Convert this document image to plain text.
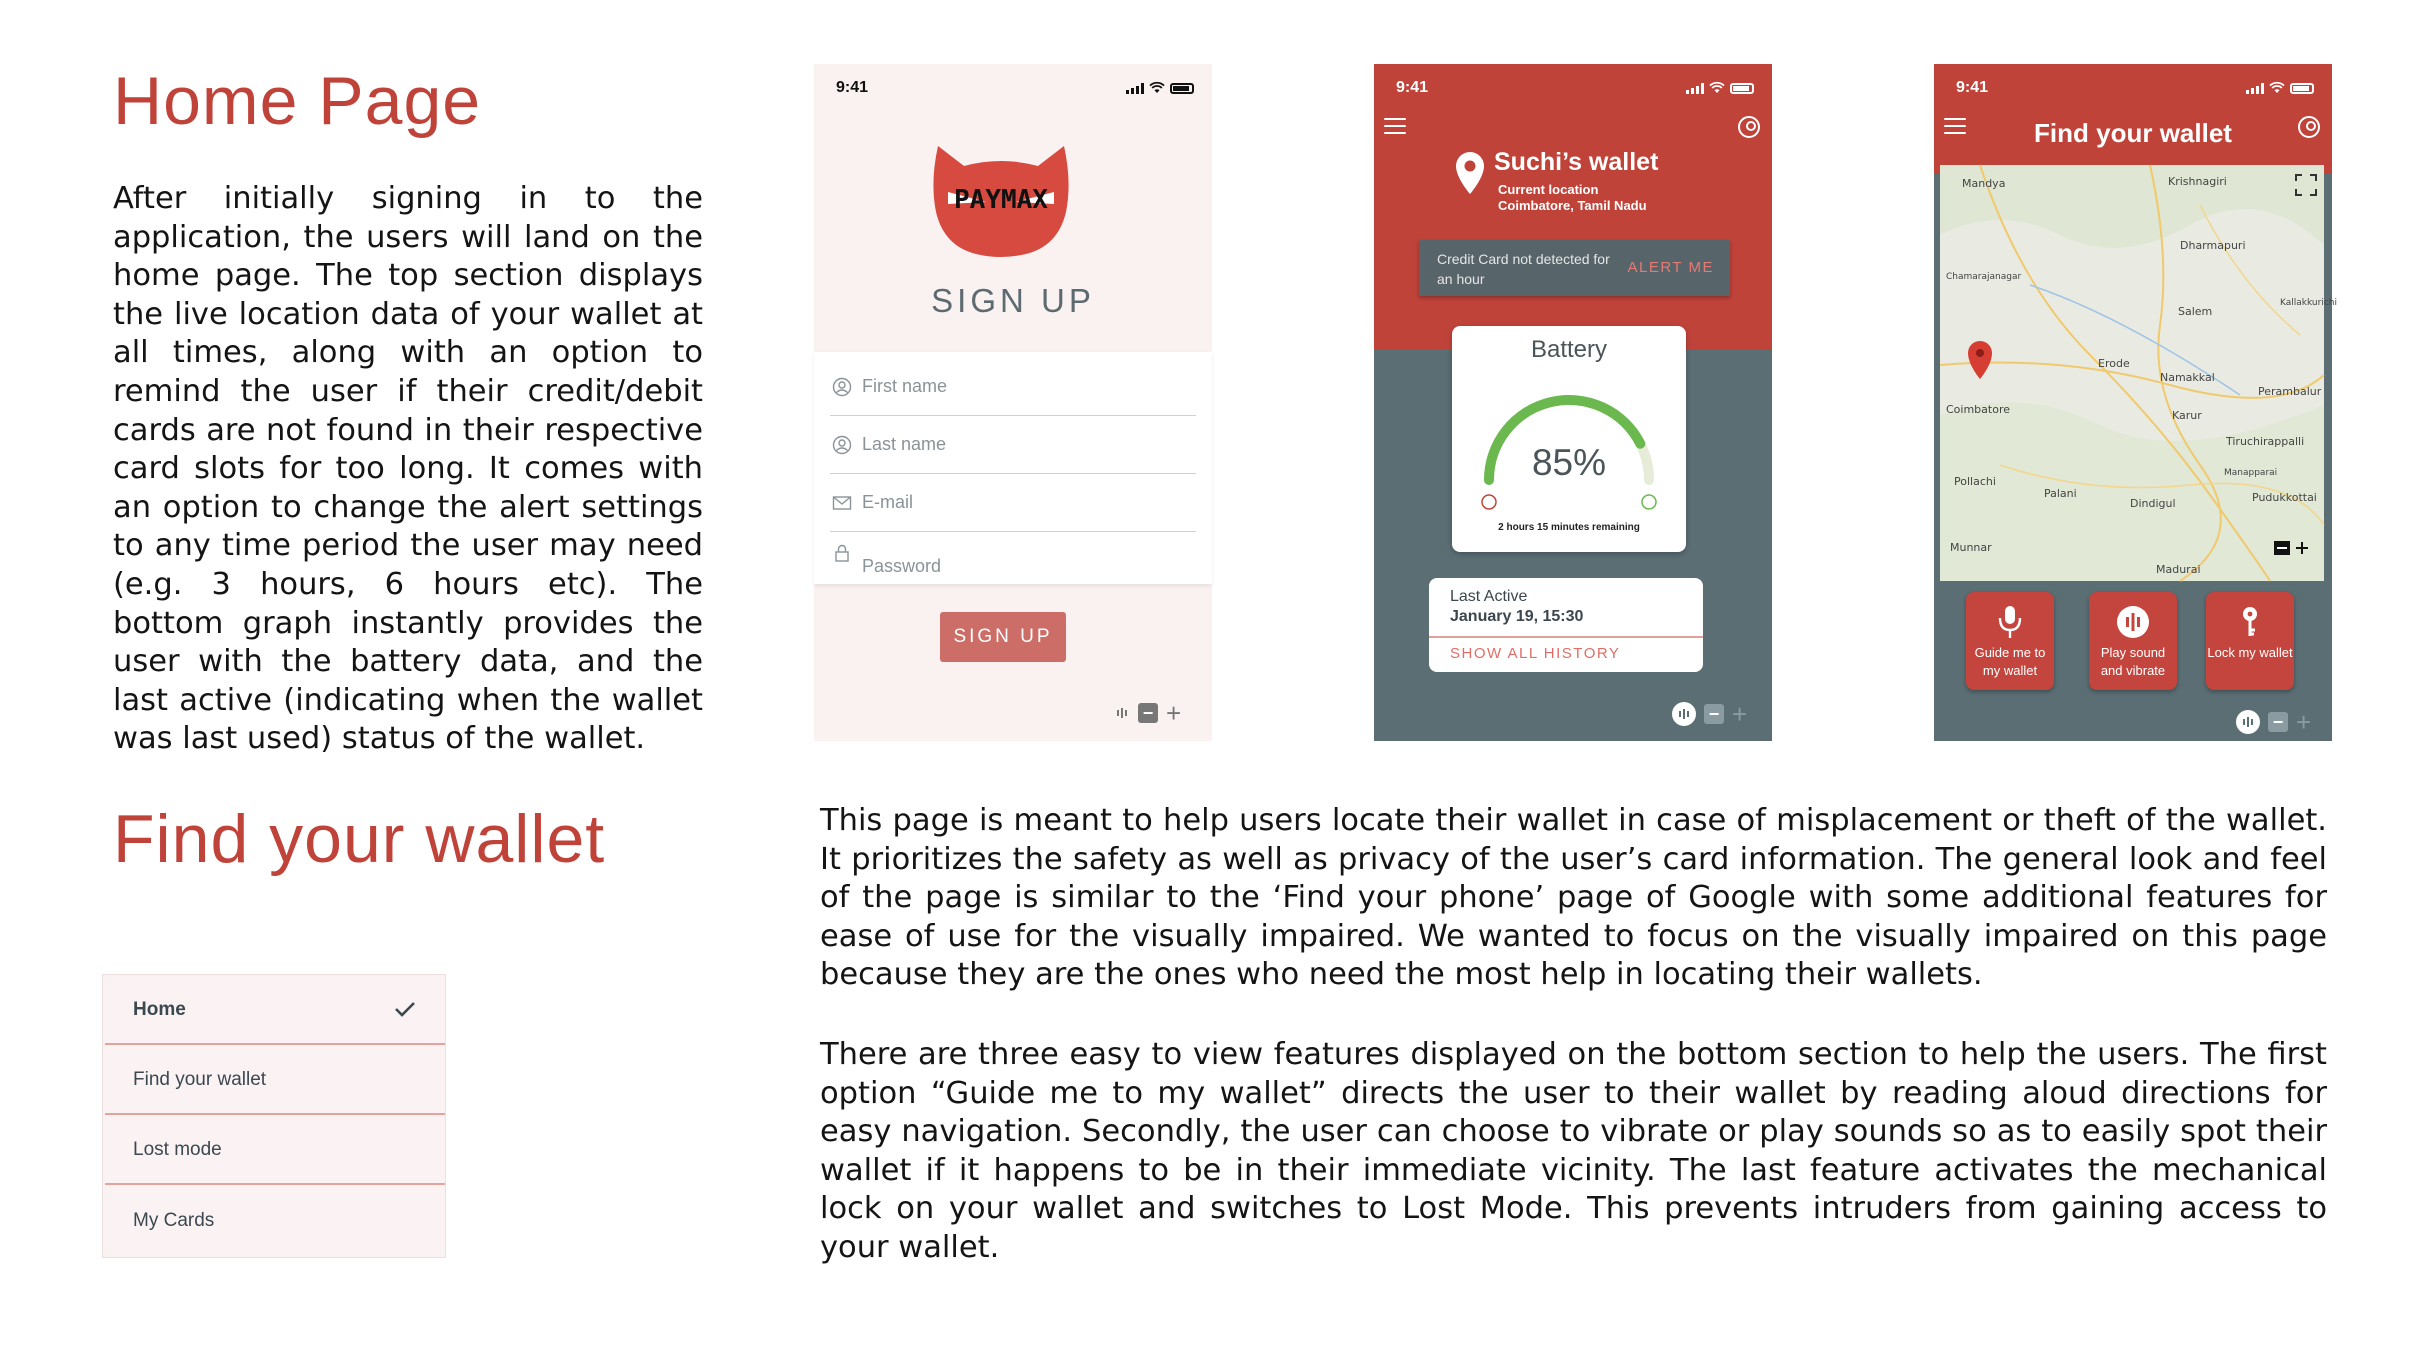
Home Page

After initially signing in to the application, the users will land on the home page. The top section displays the live location data of your wallet at all times, along with an option to remind the user if their credit/debit cards are not found in their respective card slots for too long. It comes with an option to change the alert settings to any time period the user may need (e.g. 3 hours, 6 hours etc). The bottom graph instantly provides the user with the battery data, and the last active (indicating when the wallet was last used) status of the wallet.

Find your wallet	This page is meant to help users locate their wallet in case of misplacement or theft of the wallet. It prioritizes the safety as well as privacy of the user’s card information. The general look and feel of the page is similar to the ‘Find your phone’ page of Google with some additional features for ease of use for the visually impaired. We wanted to focus on the visually impaired on this page because they are the ones who need the most help in locating their wallets.

There are three easy to view features displayed on the bottom section to help the users. The first option “Guide me to my wallet” directs the user to their wallet by reading aloud directions for easy navigation. Secondly, the user can choose to vibrate or play sounds so as to easily spot their wallet if it happens to be in their immediate vicinity. The last feature activates the mechanical lock on your wallet and switches to Lost Mode. This prevents intruders from gaining access to your wallet.

9:41
PAYMAX
SIGN UP
First name
Last name
E-mail
Password
SIGN UP
− +
9:41
Suchi’s wallet
Current location
Coimbatore, Tamil Nadu
Credit Card not detected for an hour
ALERT ME
Battery
85%
2 hours 15 minutes remaining
Last Active
January 19, 15:30
SHOW ALL HISTORY
− +
9:41
Find your wallet
Mandya	Krishnagiri
Dharmapuri
Chamarajanagar
Salem
Erode
Namakkal
Coimbatore	Karur
Tiruchirappalli
Pollachi
Palani
Dindigul	Pudukkottai
Munnar
Madurai
Perambalur
Kallakkurichi
Manapparai
Guide me to my wallet
Play sound and vibrate
Lock my wallet
− +
Home
Find your wallet
Lost mode
My Cards
